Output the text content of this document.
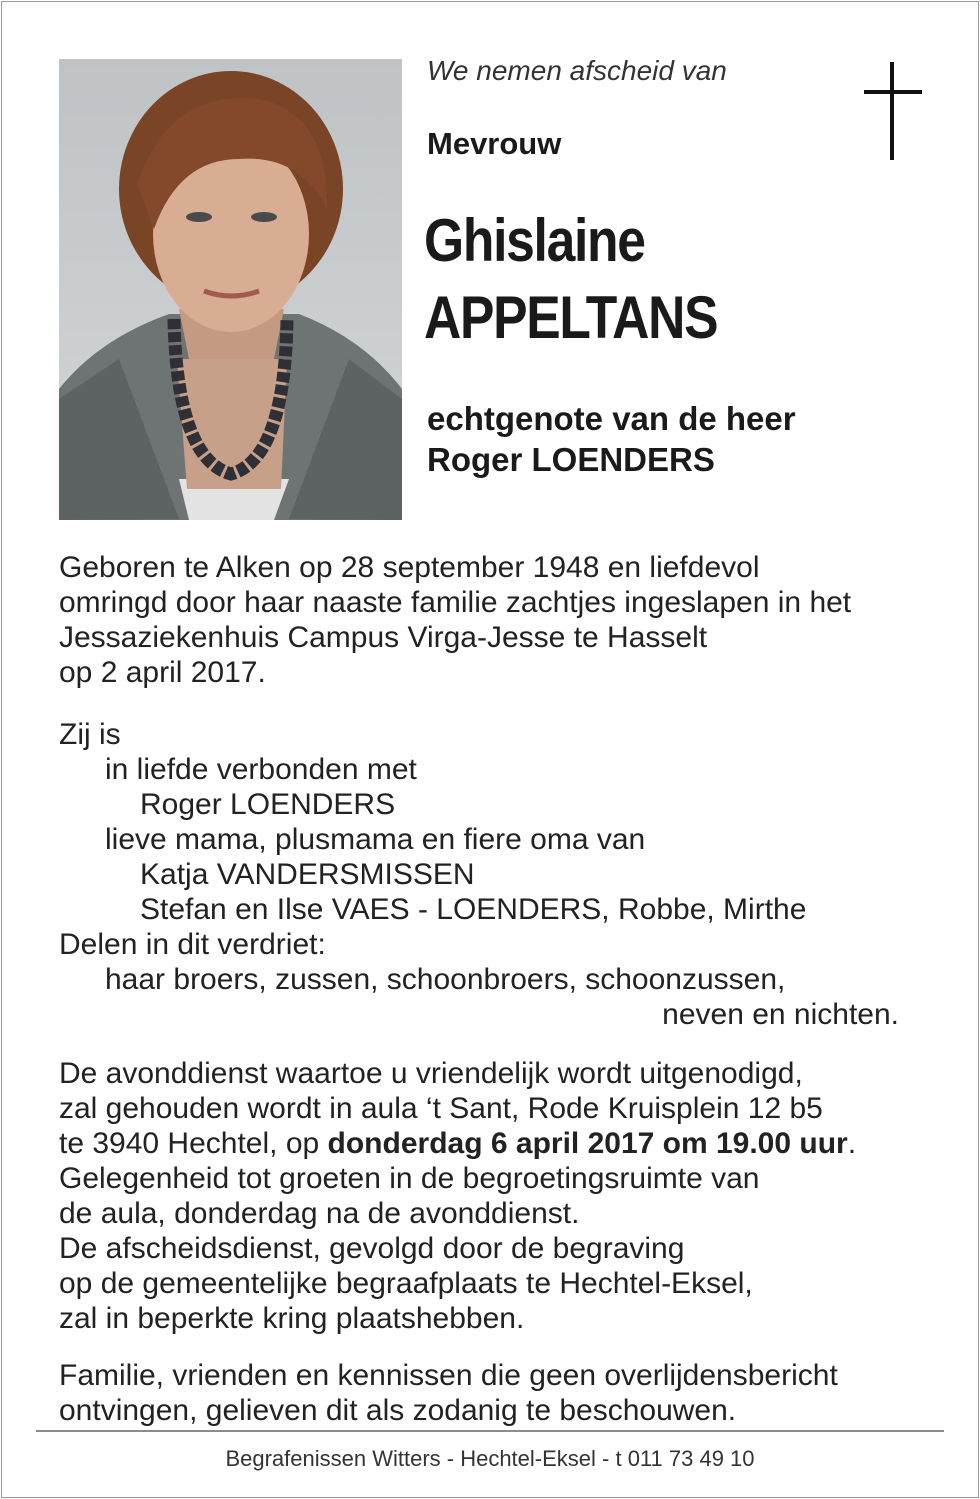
We nemen afscheid van
Mevrouw
Ghislaine
APPELTANS
echtgenote van de heer
Roger LOENDERS
Geboren te Alken op 28 september 1948 en liefdevol
omringd door haar naaste familie zachtjes ingeslapen in het
Jessaziekenhuis Campus Virga-Jesse te Hasselt
op 2 april 2017.
Zij is
in liefde verbonden met
Roger LOENDERS
lieve mama, plusmama en fiere oma van
Katja VANDERSMISSEN
Stefan en Ilse VAES - LOENDERS, Robbe, Mirthe
Delen in dit verdriet:
haar broers, zussen, schoonbroers, schoonzussen,
neven en nichten.
De avonddienst waartoe u vriendelijk wordt uitgenodigd,
zal gehouden wordt in aula ‘t Sant, Rode Kruisplein 12 b5
te 3940 Hechtel, op donderdag 6 april 2017 om 19.00 uur.
Gelegenheid tot groeten in de begroetingsruimte van
de aula, donderdag na de avonddienst.
De afscheidsdienst, gevolgd door de begraving
op de gemeentelijke begraafplaats te Hechtel-Eksel,
zal in beperkte kring plaatshebben.
Familie, vrienden en kennissen die geen overlijdensbericht
ontvingen, gelieven dit als zodanig te beschouwen.
Begrafenissen Witters - Hechtel-Eksel - t 011 73 49 10
